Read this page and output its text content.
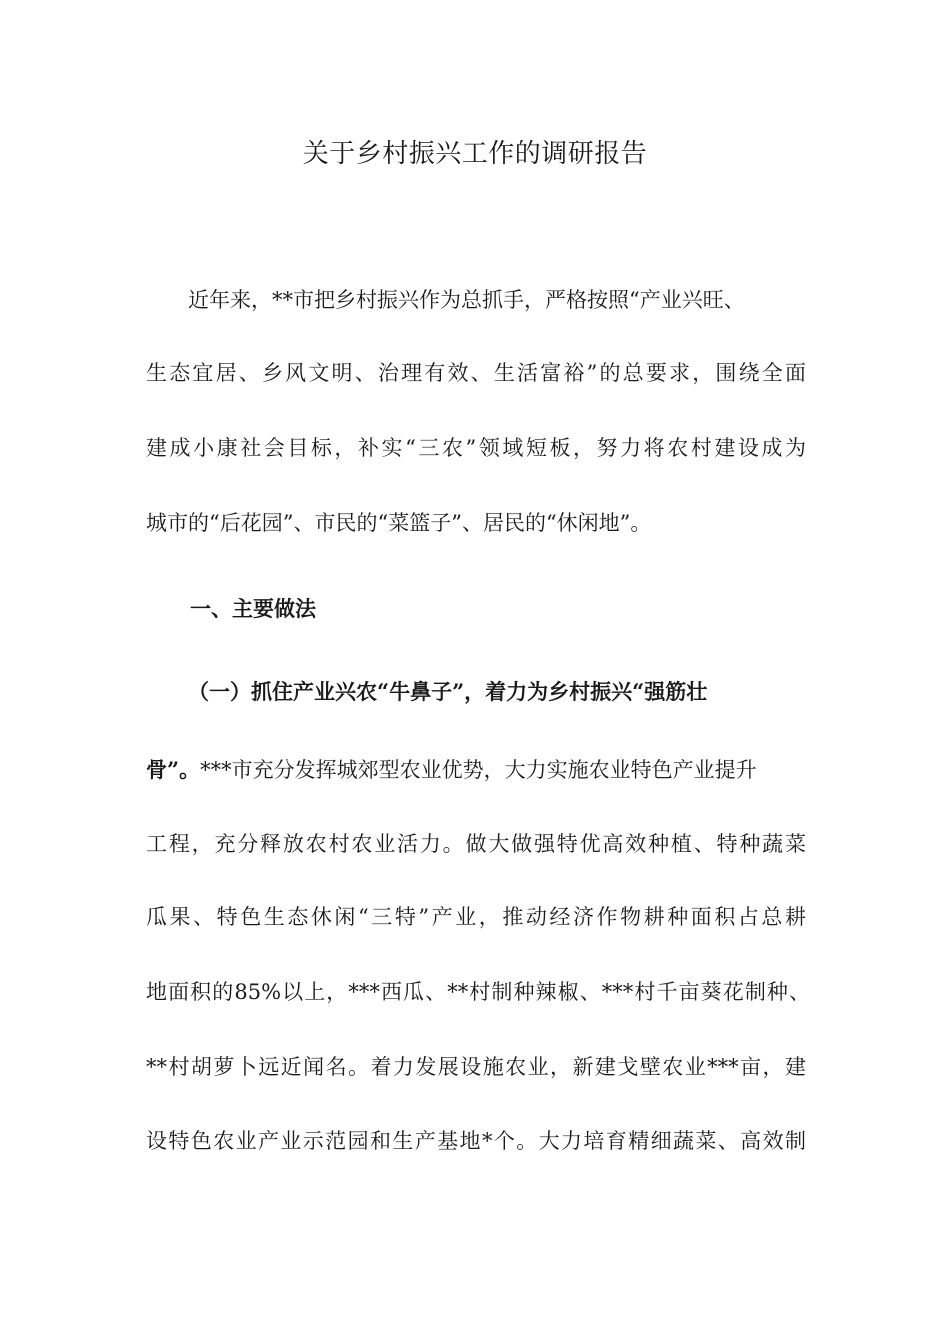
关于乡村振兴工作的调研报告
近年来，**市把乡村振兴作为总抓手，严格按照“产业兴旺、
生态宜居、乡风文明、治理有效、生活富裕”的总要求，围绕全面
建成小康社会目标，补实“三农”领域短板，努力将农村建设成为
城市的“后花园”、市民的“菜篮子”、居民的“休闲地”。
一、主要做法
（一）抓住产业兴农“牛鼻子”，着力为乡村振兴“强筋壮
骨”。***市充分发挥城郊型农业优势，大力实施农业特色产业提升
工程，充分释放农村农业活力。做大做强特优高效种植、特种蔬菜
瓜果、特色生态休闲“三特”产业，推动经济作物耕种面积占总耕
地面积的85%以上，***西瓜、**村制种辣椒、***村千亩葵花制种、
**村胡萝卜远近闻名。着力发展设施农业，新建戈壁农业***亩，建
设特色农业产业示范园和生产基地*个。大力培育精细蔬菜、高效制
